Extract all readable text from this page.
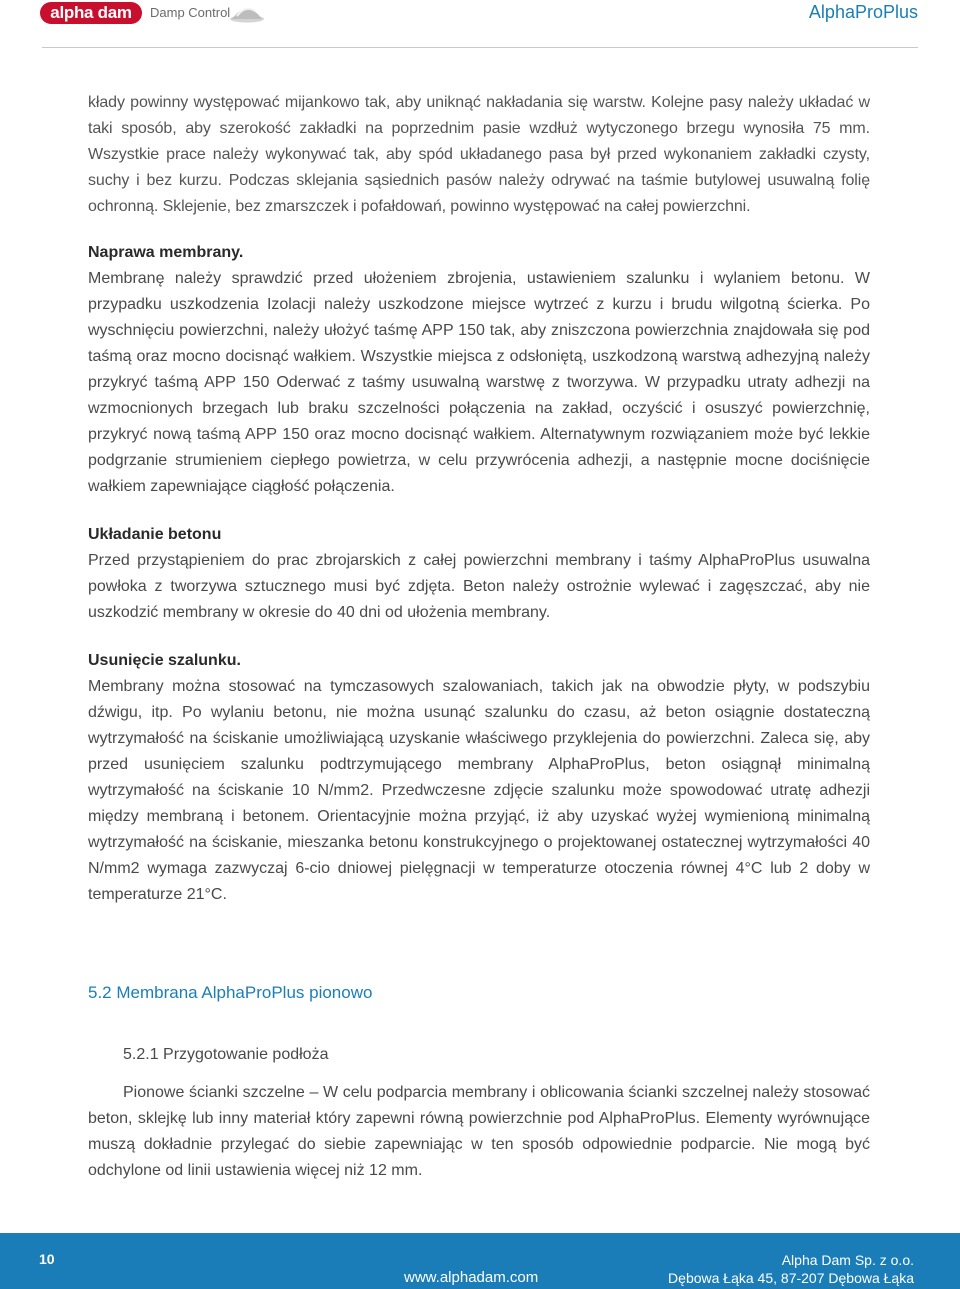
alpha dam	Damp Control	AlphaProPlus

kłady powinny występować mijankowo tak, aby uniknąć nakładania się warstw. Kolejne pasy należy układać w taki sposób, aby szerokość zakładki na poprzednim pasie wzdłuż wytyczonego brzegu wynosiła 75 mm. Wszystkie prace należy wykonywać tak, aby spód układanego pasa był przed wykonaniem zakładki czysty, suchy i bez kurzu. Podczas sklejania sąsiednich pasów należy odrywać na taśmie butylowej usuwalną folię ochronną. Sklejenie, bez zmarszczek i pofałdowań, powinno występować na całej powierzchni.

Naprawa membrany.

Membranę należy sprawdzić przed ułożeniem zbrojenia, ustawieniem szalunku i wylaniem betonu. W przypadku uszkodzenia Izolacji należy uszkodzone miejsce wytrzeć z kurzu i brudu wilgotną ścierka. Po wyschnięciu powierzchni, należy ułożyć taśmę APP 150 tak, aby zniszczona powierzchnia znajdowała się pod taśmą oraz mocno docisnąć wałkiem. Wszystkie miejsca z odsłoniętą, uszkodzoną warstwą adhezyjną należy przykryć taśmą APP 150 Oderwać z taśmy usuwalną warstwę z tworzywa. W przypadku utraty adhezji na wzmocnionych brzegach lub braku szczelności połączenia na zakład, oczyścić i osuszyć powierzchnię, przykryć nową taśmą APP 150 oraz mocno docisnąć wałkiem. Alternatywnym rozwiązaniem może być lekkie podgrzanie strumieniem ciepłego powietrza, w celu przywrócenia adhezji, a następnie mocne dociśnięcie wałkiem zapewniające ciągłość połączenia.

Układanie betonu

Przed przystąpieniem do prac zbrojarskich z całej powierzchni membrany i taśmy AlphaProPlus usuwalna powłoka z tworzywa sztucznego musi być zdjęta. Beton należy ostrożnie wylewać i zagęszczać, aby nie uszkodzić membrany w okresie do 40 dni od ułożenia membrany.

Usunięcie szalunku.

Membrany można stosować na tymczasowych szalowaniach, takich jak na obwodzie płyty, w podszybiu dźwigu, itp. Po wylaniu betonu, nie można usunąć szalunku do czasu, aż beton osiągnie dostateczną wytrzymałość na ściskanie umożliwiającą uzyskanie właściwego przyklejenia do powierzchni. Zaleca się, aby przed usunięciem szalunku podtrzymującego membrany AlphaProPlus, beton osiągnął minimalną wytrzymałość na ściskanie 10 N/mm2. Przedwczesne zdjęcie szalunku może spowodować utratę adhezji między membraną i betonem. Orientacyjnie można przyjąć, iż aby uzyskać wyżej wymienioną minimalną wytrzymałość na ściskanie, mieszanka betonu konstrukcyjnego o projektowanej ostatecznej wytrzymałości 40 N/mm2 wymaga zazwyczaj 6-cio dniowej pielęgnacji w temperaturze otoczenia równej 4°C lub 2 doby w temperaturze 21°C.

5.2 Membrana AlphaProPlus pionowo

5.2.1 Przygotowanie podłoża

Pionowe ścianki szczelne – W celu podparcia membrany i oblicowania ścianki szczelnej należy stosować beton, sklejkę lub inny materiał który zapewni równą powierzchnie pod AlphaProPlus. Elementy wyrównujące muszą dokładnie przylegać do siebie zapewniając w ten sposób odpowiednie podparcie. Nie mogą być odchylone od linii ustawienia więcej niż 12 mm.

10
www.alphadam.com
Alpha Dam Sp. z o.o.
Dębowa Łąka 45, 87-207 Dębowa Łąka
